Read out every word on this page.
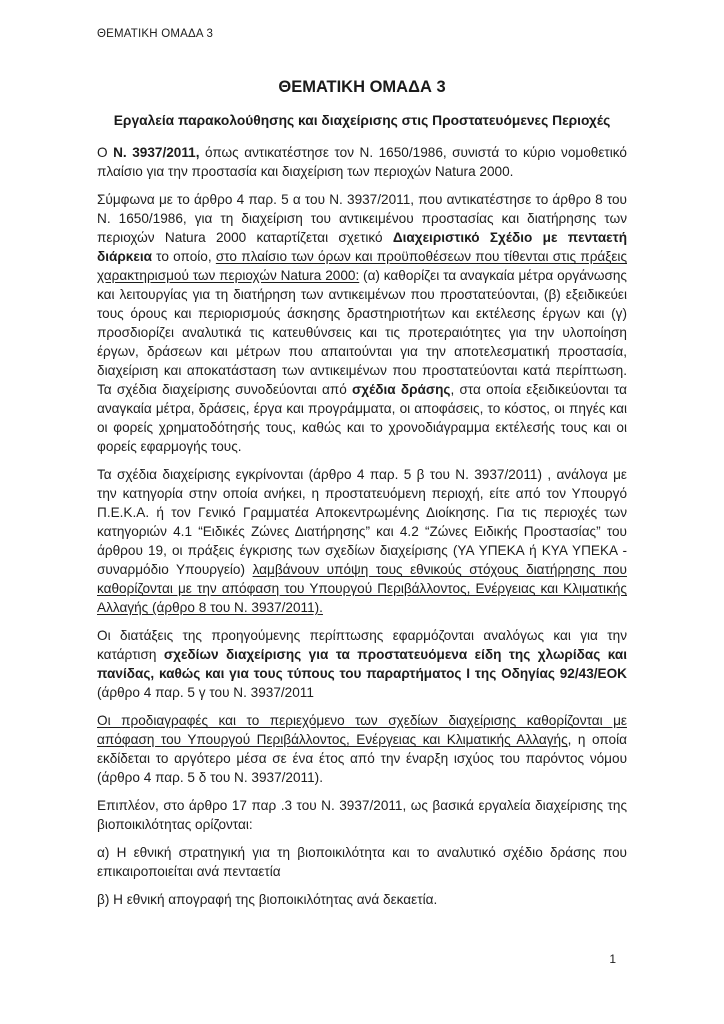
ΘΕΜΑΤΙΚΗ ΟΜΑΔΑ 3
ΘΕΜΑΤΙΚΗ ΟΜΑΔΑ 3
Εργαλεία παρακολούθησης και διαχείρισης στις Προστατευόμενες Περιοχές

Ο Ν. 3937/2011, όπως αντικατέστησε τον Ν. 1650/1986, συνιστά το κύριο νομοθετικό πλαίσιο για την προστασία και διαχείριση των περιοχών Natura 2000.

Σύμφωνα με το άρθρο 4 παρ. 5 α του Ν. 3937/2011, που αντικατέστησε το άρθρο 8 του Ν. 1650/1986, για τη διαχείριση του αντικειμένου προστασίας και διατήρησης των περιοχών Natura 2000 καταρτίζεται σχετικό Διαχειριστικό Σχέδιο με πενταετή διάρκεια το οποίο, στο πλαίσιο των όρων και προϋποθέσεων που τίθενται στις πράξεις χαρακτηρισμού των περιοχών Natura 2000: (α) καθορίζει τα αναγκαία μέτρα οργάνωσης και λειτουργίας για τη διατήρηση των αντικειμένων που προστατεύονται, (β) εξειδικεύει τους όρους και περιορισμούς άσκησης δραστηριοτήτων και εκτέλεσης έργων και (γ) προσδιορίζει αναλυτικά τις κατευθύνσεις και τις προτεραιότητες για την υλοποίηση έργων, δράσεων και μέτρων που απαιτούνται για την αποτελεσματική προστασία, διαχείριση και αποκατάσταση των αντικειμένων που προστατεύονται κατά περίπτωση. Τα σχέδια διαχείρισης συνοδεύονται από σχέδια δράσης, στα οποία εξειδικεύονται τα αναγκαία μέτρα, δράσεις, έργα και προγράμματα, οι αποφάσεις, το κόστος, οι πηγές και οι φορείς χρηματοδότησής τους, καθώς και το χρονοδιάγραμμα εκτέλεσής τους και οι φορείς εφαρμογής τους.

Τα σχέδια διαχείρισης εγκρίνονται (άρθρο 4 παρ. 5 β του Ν. 3937/2011) , ανάλογα με την κατηγορία στην οποία ανήκει, η προστατευόμενη περιοχή, είτε από τον Υπουργό Π.Ε.Κ.Α. ή τον Γενικό Γραμματέα Αποκεντρωμένης Διοίκησης. Για τις περιοχές των κατηγοριών 4.1 “Ειδικές Ζώνες Διατήρησης” και 4.2 “Ζώνες Ειδικής Προστασίας” του άρθρου 19, οι πράξεις έγκρισης των σχεδίων διαχείρισης (ΥΑ ΥΠΕΚΑ ή ΚΥΑ ΥΠΕΚΑ - συναρμόδιο Υπουργείο) λαμβάνουν υπόψη τους εθνικούς στόχους διατήρησης που καθορίζονται με την απόφαση του Υπουργού Περιβάλλοντος, Ενέργειας και Κλιματικής Αλλαγής (άρθρο 8 του Ν. 3937/2011).

Οι διατάξεις της προηγούμενης περίπτωσης εφαρμόζονται αναλόγως και για την κατάρτιση σχεδίων διαχείρισης για τα προστατευόμενα είδη της χλωρίδας και πανίδας, καθώς και για τους τύπους του παραρτήματος Ι της Οδηγίας 92/43/ΕΟΚ (άρθρο 4 παρ. 5 γ του Ν. 3937/2011

Οι προδιαγραφές και το περιεχόμενο των σχεδίων διαχείρισης καθορίζονται με απόφαση του Υπουργού Περιβάλλοντος, Ενέργειας και Κλιματικής Αλλαγής, η οποία εκδίδεται το αργότερο μέσα σε ένα έτος από την έναρξη ισχύος του παρόντος νόμου (άρθρο 4 παρ. 5 δ του Ν. 3937/2011).

Επιπλέον, στο άρθρο 17 παρ .3 του Ν. 3937/2011, ως βασικά εργαλεία διαχείρισης της βιοποικιλότητας ορίζονται:

α) Η εθνική στρατηγική για τη βιοποικιλότητα και το αναλυτικό σχέδιο δράσης που επικαιροποιείται ανά πενταετία

β) Η εθνική απογραφή της βιοποικιλότητας ανά δεκαετία.

1
